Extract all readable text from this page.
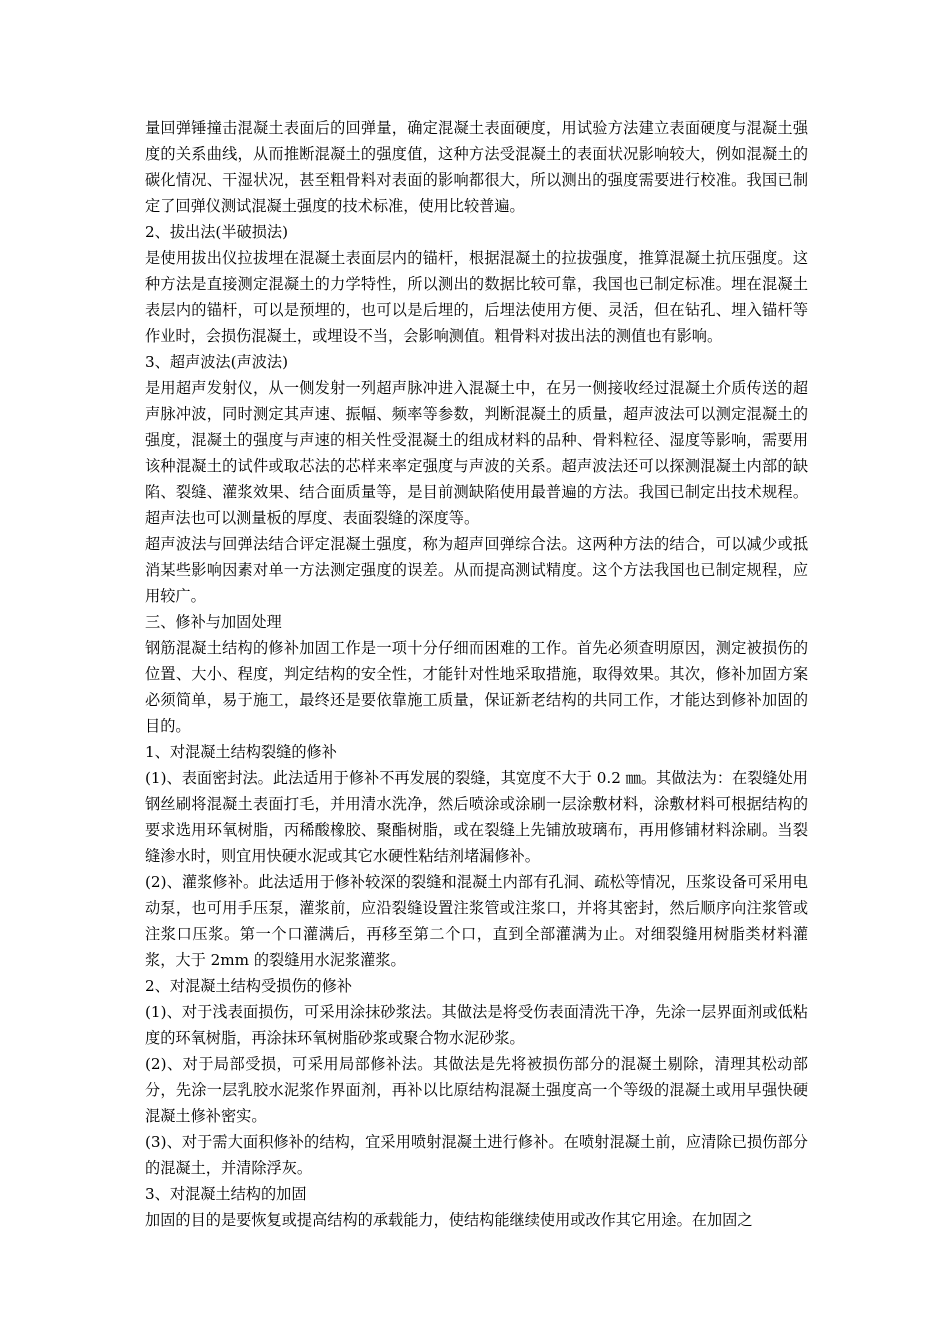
量回弹锤撞击混凝土表面后的回弹量，确定混凝土表面硬度，用试验方法建立表面硬度与混凝土强度的关系曲线，从而推断混凝土的强度值，这种方法受混凝土的表面状况影响较大，例如混凝土的碳化情况、干湿状况，甚至粗骨料对表面的影响都很大，所以测出的强度需要进行校准。我国已制定了回弹仪测试混凝土强度的技术标准，使用比较普遍。

2、拔出法(半破损法)

是使用拔出仪拉拔埋在混凝土表面层内的锚杆，根据混凝土的拉拔强度，推算混凝土抗压强度。这种方法是直接测定混凝土的力学特性，所以测出的数据比较可靠，我国也已制定标准。埋在混凝土表层内的锚杆，可以是预埋的，也可以是后埋的，后埋法使用方便、灵活，但在钻孔、埋入锚杆等作业时，会损伤混凝土，或埋设不当，会影响测值。粗骨料对拔出法的测值也有影响。

3、超声波法(声波法)

是用超声发射仪，从一侧发射一列超声脉冲进入混凝土中，在另一侧接收经过混凝土介质传送的超声脉冲波，同时测定其声速、振幅、频率等参数，判断混凝土的质量，超声波法可以测定混凝土的强度，混凝土的强度与声速的相关性受混凝土的组成材料的品种、骨料粒径、湿度等影响，需要用该种混凝土的试件或取芯法的芯样来率定强度与声波的关系。超声波法还可以探测混凝土内部的缺陷、裂缝、灌浆效果、结合面质量等，是目前测缺陷使用最普遍的方法。我国已制定出技术规程。超声法也可以测量板的厚度、表面裂缝的深度等。

超声波法与回弹法结合评定混凝土强度，称为超声回弹综合法。这两种方法的结合，可以减少或抵消某些影响因素对单一方法测定强度的误差。从而提高测试精度。这个方法我国也已制定规程，应用较广。

三、修补与加固处理

钢筋混凝土结构的修补加固工作是一项十分仔细而困难的工作。首先必须查明原因，测定被损伤的位置、大小、程度，判定结构的安全性，才能针对性地采取措施，取得效果。其次，修补加固方案必须简单，易于施工，最终还是要依靠施工质量，保证新老结构的共同工作，才能达到修补加固的目的。

1、对混凝土结构裂缝的修补

(1)、表面密封法。此法适用于修补不再发展的裂缝，其宽度不大于 0.2 ㎜。其做法为：在裂缝处用钢丝刷将混凝土表面打毛，并用清水洗净，然后喷涂或涂刷一层涂敷材料，涂敷材料可根据结构的要求选用环氧树脂，丙稀酸橡胶、聚酯树脂，或在裂缝上先铺放玻璃布，再用修铺材料涂刷。当裂缝渗水时，则宜用快硬水泥或其它水硬性粘结剂堵漏修补。

(2)、灌浆修补。此法适用于修补较深的裂缝和混凝土内部有孔洞、疏松等情况，压浆设备可采用电动泵，也可用手压泵，灌浆前，应沿裂缝设置注浆管或注浆口，并将其密封，然后顺序向注浆管或注浆口压浆。第一个口灌满后，再移至第二个口，直到全部灌满为止。对细裂缝用树脂类材料灌浆，大于 2mm 的裂缝用水泥浆灌浆。

2、对混凝土结构受损伤的修补

(1)、对于浅表面损伤，可采用涂抹砂浆法。其做法是将受伤表面清洗干净，先涂一层界面剂或低粘度的环氧树脂，再涂抹环氧树脂砂浆或聚合物水泥砂浆。

(2)、对于局部受损，可采用局部修补法。其做法是先将被损伤部分的混凝土剔除，清理其松动部分，先涂一层乳胶水泥浆作界面剂，再补以比原结构混凝土强度高一个等级的混凝土或用早强快硬混凝土修补密实。

(3)、对于需大面积修补的结构，宜采用喷射混凝土进行修补。在喷射混凝土前，应清除已损伤部分的混凝土，并清除浮灰。

3、对混凝土结构的加固

加固的目的是要恢复或提高结构的承载能力，使结构能继续使用或改作其它用途。在加固之
